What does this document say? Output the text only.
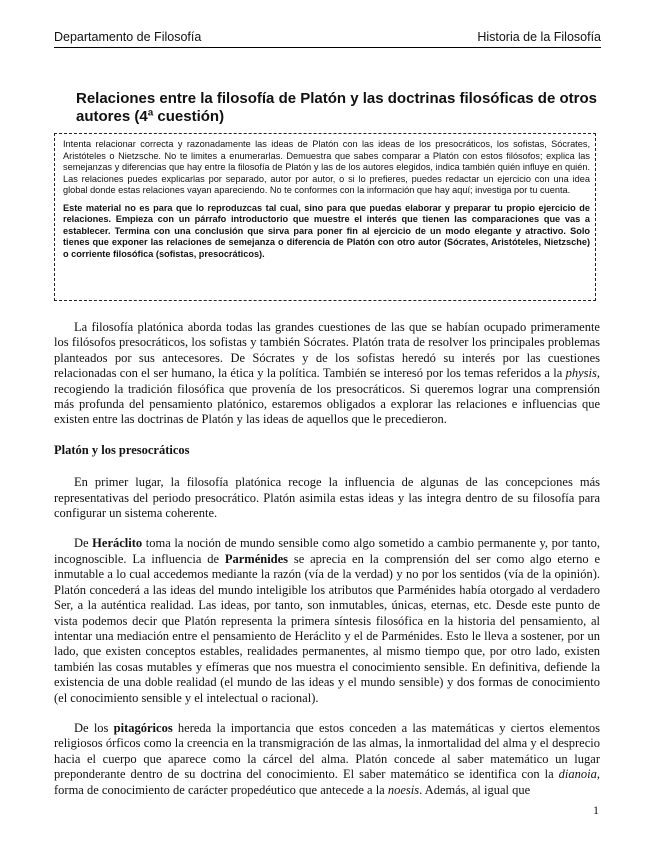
Departamento de Filosofía	Historia de la Filosofía
Relaciones entre la filosofía de Platón y las doctrinas filosóficas de otros autores (4ª cuestión)

Intenta relacionar correcta y razonadamente las ideas de Platón con las ideas de los presocráticos, los sofistas, Sócrates, Aristóteles o Nietzsche. No te limites a enumerarlas. Demuestra que sabes comparar a Platón con estos filósofos; explica las semejanzas y diferencias que hay entre la filosofía de Platón y las de los autores elegidos, indica también quién influye en quién. Las relaciones puedes explicarlas por separado, autor por autor, o si lo prefieres, puedes redactar un ejercicio con una idea global donde estas relaciones vayan apareciendo. No te conformes con la información que hay aquí; investiga por tu cuenta.

Este material no es para que lo reproduzcas tal cual, sino para que puedas elaborar y preparar tu propio ejercicio de relaciones. Empieza con un párrafo introductorio que muestre el interés que tienen las comparaciones que vas a establecer. Termina con una conclusión que sirva para poner fin al ejercicio de un modo elegante y atractivo. Solo tienes que exponer las relaciones de semejanza o diferencia de Platón con otro autor (Sócrates, Aristóteles, Nietzsche) o corriente filosófica (sofistas, presocráticos).

La filosofía platónica aborda todas las grandes cuestiones de las que se habían ocupado primeramente los filósofos presocráticos, los sofistas y también Sócrates. Platón trata de resolver los principales problemas planteados por sus antecesores. De Sócrates y de los sofistas heredó su interés por las cuestiones relacionadas con el ser humano, la ética y la política. También se interesó por los temas referidos a la physis, recogiendo la tradición filosófica que provenía de los presocráticos. Si queremos lograr una comprensión más profunda del pensamiento platónico, estaremos obligados a explorar las relaciones e influencias que existen entre las doctrinas de Platón y las ideas de aquellos que le precedieron.

Platón y los presocráticos

En primer lugar, la filosofía platónica recoge la influencia de algunas de las concepciones más representativas del periodo presocrático. Platón asimila estas ideas y las integra dentro de su filosofía para configurar un sistema coherente.

De Heráclito toma la noción de mundo sensible como algo sometido a cambio permanente y, por tanto, incognoscible. La influencia de Parménides se aprecia en la comprensión del ser como algo eterno e inmutable a lo cual accedemos mediante la razón (vía de la verdad) y no por los sentidos (vía de la opinión). Platón concederá a las ideas del mundo inteligible los atributos que Parménides había otorgado al verdadero Ser, a la auténtica realidad. Las ideas, por tanto, son inmutables, únicas, eternas, etc. Desde este punto de vista podemos decir que Platón representa la primera síntesis filosófica en la historia del pensamiento, al intentar una mediación entre el pensamiento de Heráclito y el de Parménides. Esto le lleva a sostener, por un lado, que existen conceptos estables, realidades permanentes, al mismo tiempo que, por otro lado, existen también las cosas mutables y efímeras que nos muestra el conocimiento sensible. En definitiva, defiende la existencia de una doble realidad (el mundo de las ideas y el mundo sensible) y dos formas de conocimiento (el conocimiento sensible y el intelectual o racional).

De los pitagóricos hereda la importancia que estos conceden a las matemáticas y ciertos elementos religiosos órficos como la creencia en la transmigración de las almas, la inmortalidad del alma y el desprecio hacia el cuerpo que aparece como la cárcel del alma. Platón concede al saber matemático un lugar preponderante dentro de su doctrina del conocimiento. El saber matemático se identifica con la dianoia, forma de conocimiento de carácter propedéutico que antecede a la noesis. Además, al igual que

1
